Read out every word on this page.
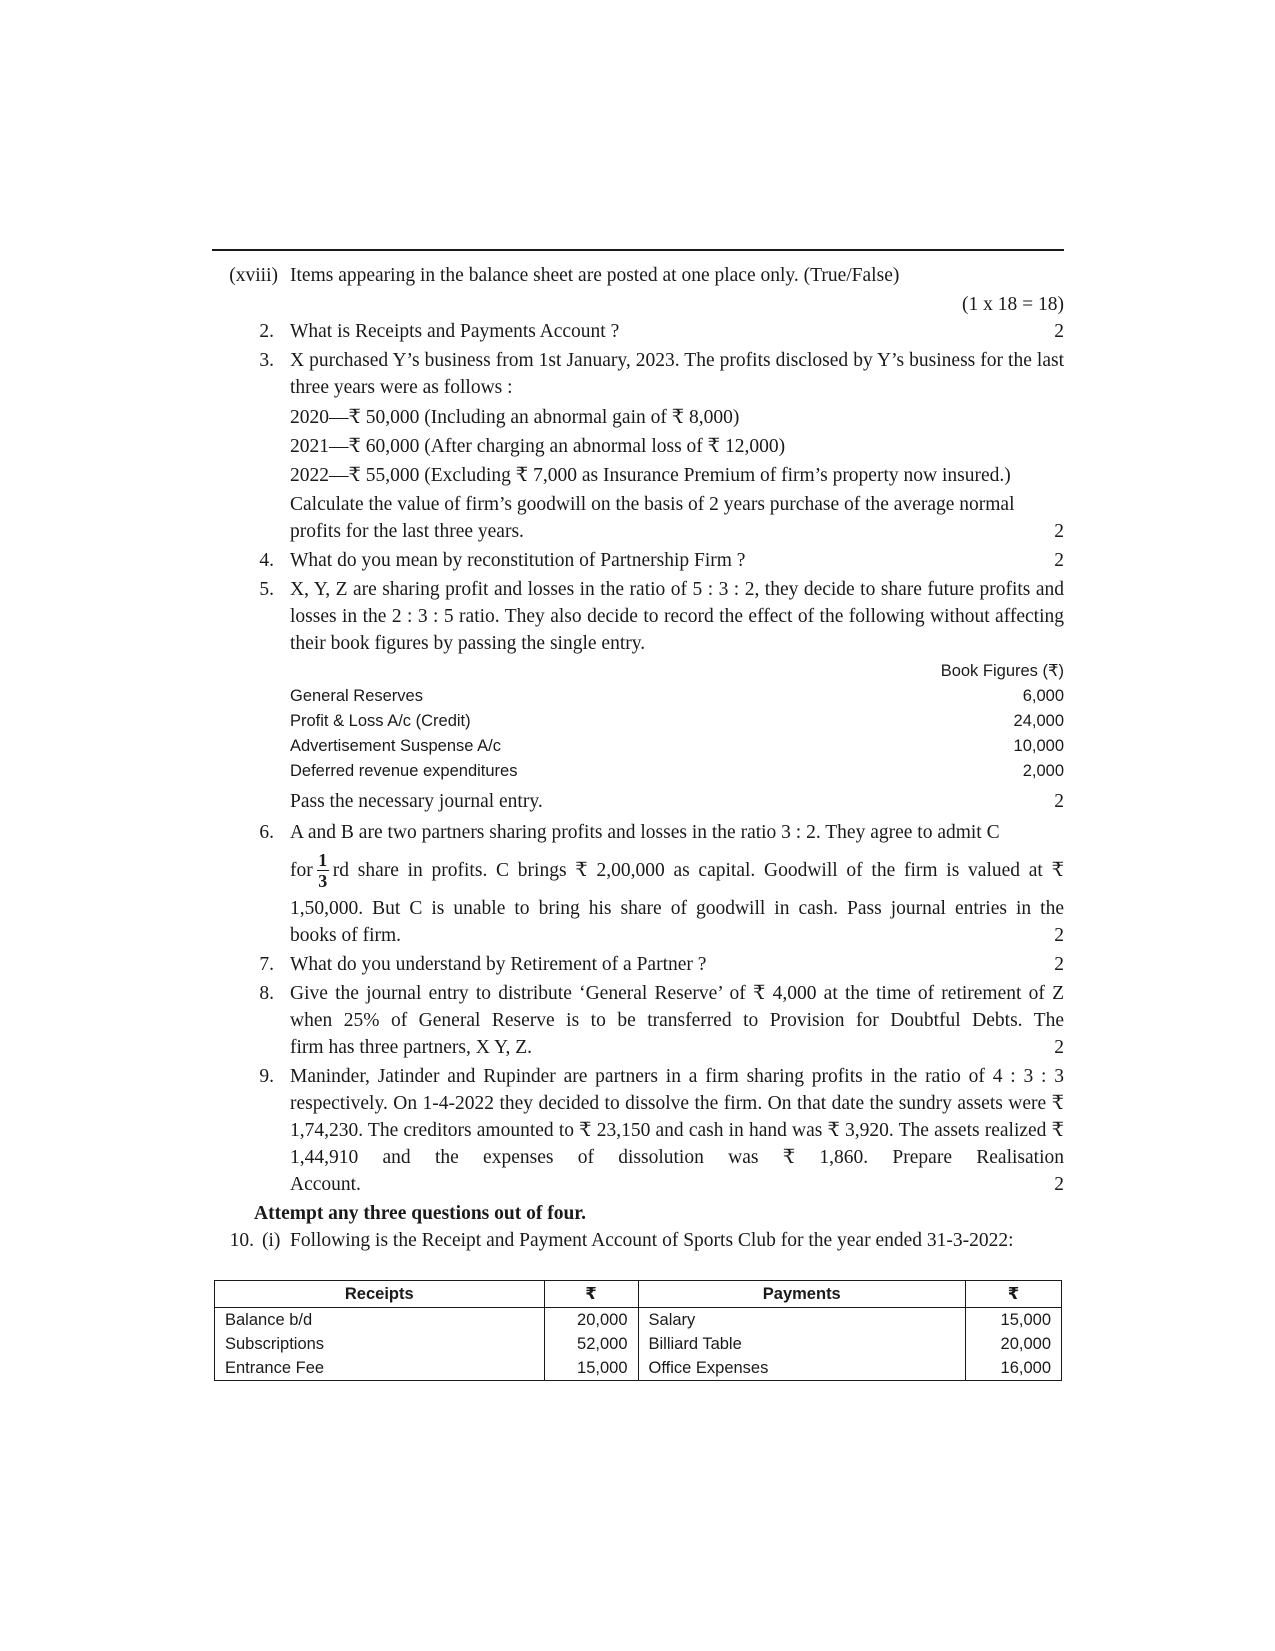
(xviii) Items appearing in the balance sheet are posted at one place only. (True/False)
(1 x 18 = 18)
2. What is Receipts and Payments Account ?	2
3. X purchased Y’s business from 1st January, 2023. The profits disclosed by Y’s business for the last three years were as follows :
2020—₹ 50,000 (Including an abnormal gain of ₹ 8,000)
2021—₹ 60,000 (After charging an abnormal loss of ₹ 12,000)
2022—₹ 55,000 (Excluding ₹ 7,000 as Insurance Premium of firm’s property now insured.)
Calculate the value of firm’s goodwill on the basis of 2 years purchase of the average normal
profits for the last three years.	2
4. What do you mean by reconstitution of Partnership Firm ?	2
5. X, Y, Z are sharing profit and losses in the ratio of 5 : 3 : 2, they decide to share future profits and losses in the 2 : 3 : 5 ratio. They also decide to record the effect of the following without affecting their book figures by passing the single entry.
Book Figures (₹)
General Reserves	6,000
Profit & Loss A/c (Credit)	24,000
Advertisement Suspense A/c	10,000
Deferred revenue expenditures	2,000
Pass the necessary journal entry.	2
6. A and B are two partners sharing profits and losses in the ratio 3 : 2. They agree to admit C
for $\frac{1}{3}$ rd share in profits. C brings ₹ 2,00,000 as capital. Goodwill of the firm is valued at ₹
1,50,000. But C is unable to bring his share of goodwill in cash. Pass journal entries in the
books of firm.	2
7. What do you understand by Retirement of a Partner ?	2
8. Give the journal entry to distribute ‘General Reserve’ of ₹ 4,000 at the time of retirement of Z when 25% of General Reserve is to be transferred to Provision for Doubtful Debts. The
firm has three partners, X Y, Z.	2
9. Maninder, Jatinder and Rupinder are partners in a firm sharing profits in the ratio of 4 : 3 : 3 respectively. On 1-4-2022 they decided to dissolve the firm. On that date the sundry assets were ₹ 1,74,230. The creditors amounted to ₹ 23,150 and cash in hand was ₹ 3,920. The assets realized ₹ 1,44,910 and the expenses of dissolution was ₹ 1,860. Prepare Realisation
Account.	2
Attempt any three questions out of four.
10. (i) Following is the Receipt and Payment Account of Sports Club for the year ended 31-3-2022:
Receipts	₹	Payments	₹
Balance b/d	20,000	Salary	15,000
Subscriptions	52,000	Billiard Table	20,000
Entrance Fee	15,000	Office Expenses	16,000
